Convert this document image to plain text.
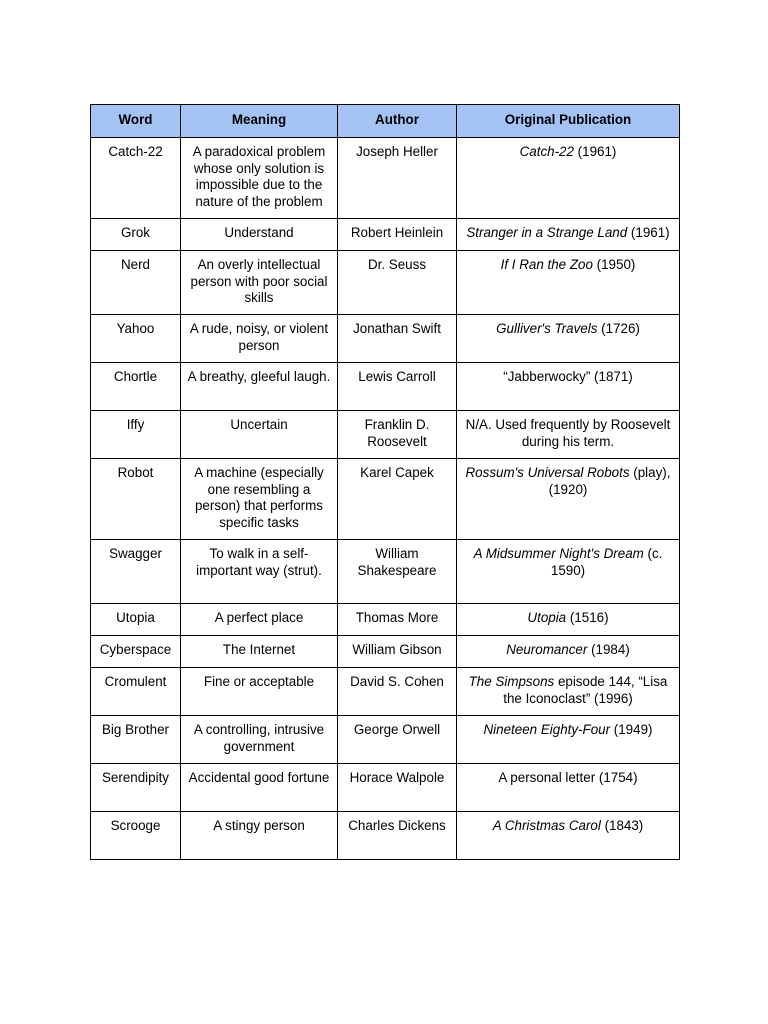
Word	Meaning	Author	Original Publication
Catch-22	A paradoxical problem whose only solution is impossible due to the nature of the problem	Joseph Heller	Catch-22 (1961)
Grok	Understand	Robert Heinlein	Stranger in a Strange Land (1961)
Nerd	An overly intellectual person with poor social skills	Dr. Seuss	If I Ran the Zoo (1950)
Yahoo	A rude, noisy, or violent person	Jonathan Swift	Gulliver's Travels (1726)
Chortle	A breathy, gleeful laugh.	Lewis Carroll	“Jabberwocky” (1871)
Iffy	Uncertain	Franklin D. Roosevelt	N/A. Used frequently by Roosevelt during his term.
Robot	A machine (especially one resembling a person) that performs specific tasks	Karel Capek	Rossum's Universal Robots (play), (1920)
Swagger	To walk in a self-important way (strut).	William Shakespeare	A Midsummer Night's Dream (c. 1590)
Utopia	A perfect place	Thomas More	Utopia (1516)
Cyberspace	The Internet	William Gibson	Neuromancer (1984)
Cromulent	Fine or acceptable	David S. Cohen	The Simpsons episode 144, “Lisa the Iconoclast” (1996)
Big Brother	A controlling, intrusive government	George Orwell	Nineteen Eighty-Four (1949)
Serendipity	Accidental good fortune	Horace Walpole	A personal letter (1754)
Scrooge	A stingy person	Charles Dickens	A Christmas Carol (1843)
